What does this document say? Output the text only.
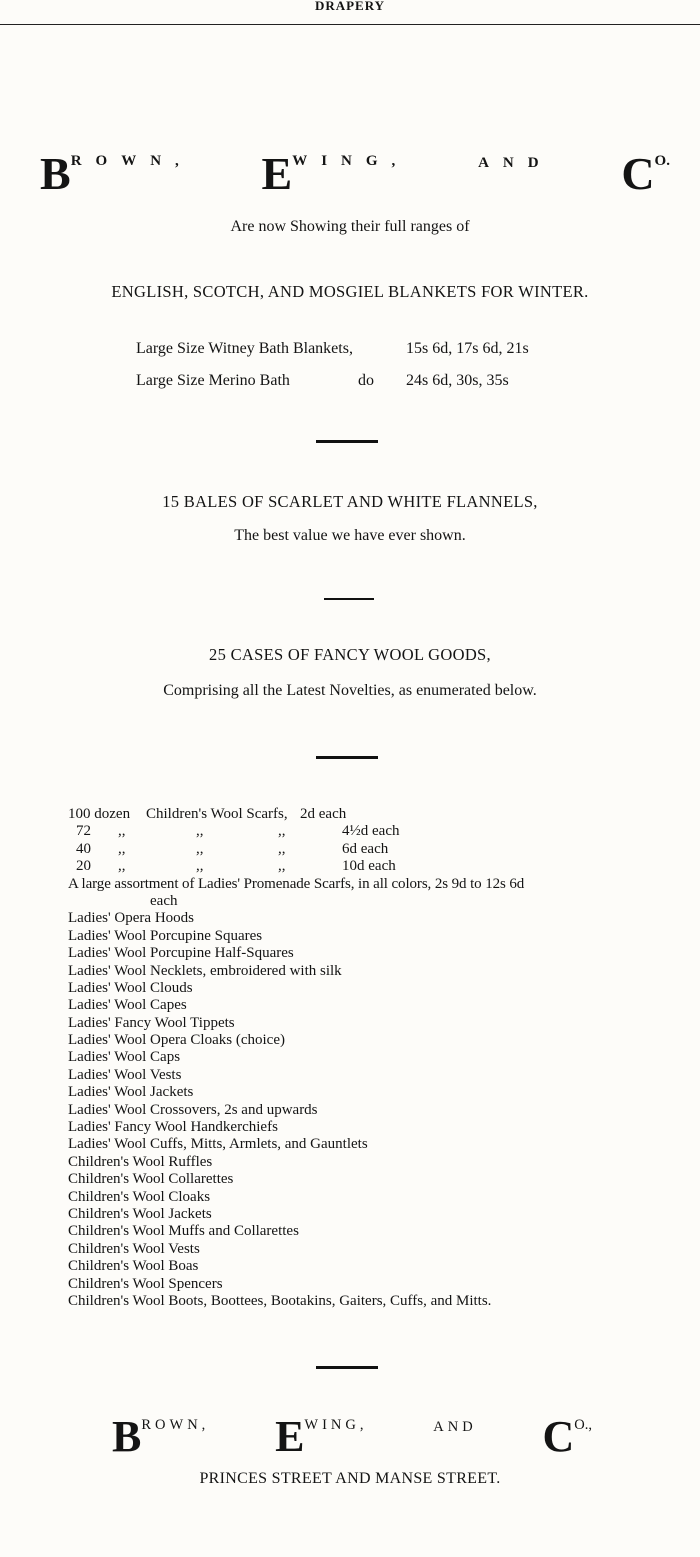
DRAPERY
BROWN, EWING,	AND CO.
Are now Showing their full ranges of
ENGLISH, SCOTCH, AND MOSGIEL BLANKETS FOR WINTER.
Large Size Witney Bath Blankets,	15s 6d, 17s 6d, 21s
Large Size Merino Bath	do 24s 6d, 30s, 35s
15 BALES OF SCARLET AND WHITE FLANNELS,
The best value we have ever shown.
25 CASES OF FANCY WOOL GOODS,
Comprising all the Latest Novelties, as enumerated below.
100 dozen Children's Wool Scarfs, 2d each
72 ,,	,,	,,	4½d each
40 ,,	,,	,,	6d each
20 ,,	,,	,,	10d each
A large assortment of Ladies' Promenade Scarfs, in all colors, 2s 9d to 12s 6d
each
Ladies' Opera Hoods
Ladies' Wool Porcupine Squares
Ladies' Wool Porcupine Half-Squares
Ladies' Wool Necklets, embroidered with silk
Ladies' Wool Clouds
Ladies' Wool Capes
Ladies' Fancy Wool Tippets
Ladies' Wool Opera Cloaks (choice)
Ladies' Wool Caps
Ladies' Wool Vests
Ladies' Wool Jackets
Ladies' Wool Crossovers, 2s and upwards
Ladies' Fancy Wool Handkerchiefs
Ladies' Wool Cuffs, Mitts, Armlets, and Gauntlets
Children's Wool Ruffles
Children's Wool Collarettes
Children's Wool Cloaks
Children's Wool Jackets
Children's Wool Muffs and Collarettes
Children's Wool Vests
Children's Wool Boas
Children's Wool Spencers
Children's Wool Boots, Boottees, Bootakins, Gaiters, Cuffs, and Mitts.
BROWN, EWING,	AND CO.,
PRINCES STREET AND MANSE STREET.
